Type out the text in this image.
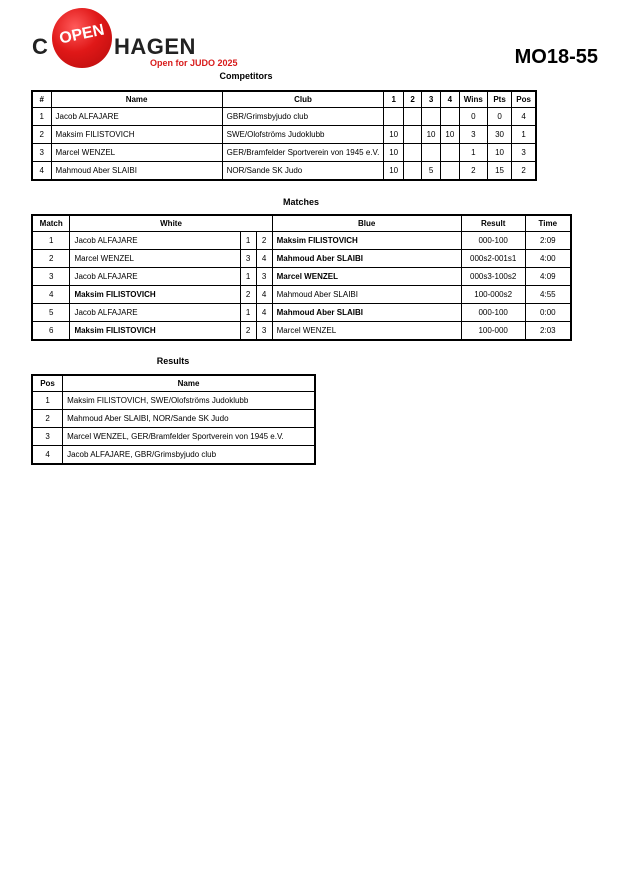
C OPEN HAGEN
Open for JUDO 2025	MO18-55
Competitors
#	Name	Club	1	2	3	4	Wins	Pts	Pos
1	Jacob ALFAJARE	GBR/Grimsbyjudo club					0	0	4
2	Maksim FILISTOVICH	SWE/Olofströms Judoklubb	10		10	10	3	30	1
3	Marcel WENZEL	GER/Bramfelder Sportverein von 1945 e.V.	10				1	10	3
4	Mahmoud Aber SLAIBI	NOR/Sande SK Judo	10		5		2	15	2
Matches
Match	White			Blue	Result	Time
1	Jacob ALFAJARE	1	2	Maksim FILISTOVICH	000-100	2:09
2	Marcel WENZEL	3	4	Mahmoud Aber SLAIBI	000s2-001s1	4:00
3	Jacob ALFAJARE	1	3	Marcel WENZEL	000s3-100s2	4:09
4	Maksim FILISTOVICH	2	4	Mahmoud Aber SLAIBI	100-000s2	4:55
5	Jacob ALFAJARE	1	4	Mahmoud Aber SLAIBI	000-100	0:00
6	Maksim FILISTOVICH	2	3	Marcel WENZEL	100-000	2:03
Results
Pos	Name
1	Maksim FILISTOVICH, SWE/Olofströms Judoklubb
2	Mahmoud Aber SLAIBI, NOR/Sande SK Judo
3	Marcel WENZEL, GER/Bramfelder Sportverein von 1945 e.V.
4	Jacob ALFAJARE, GBR/Grimsbyjudo club
